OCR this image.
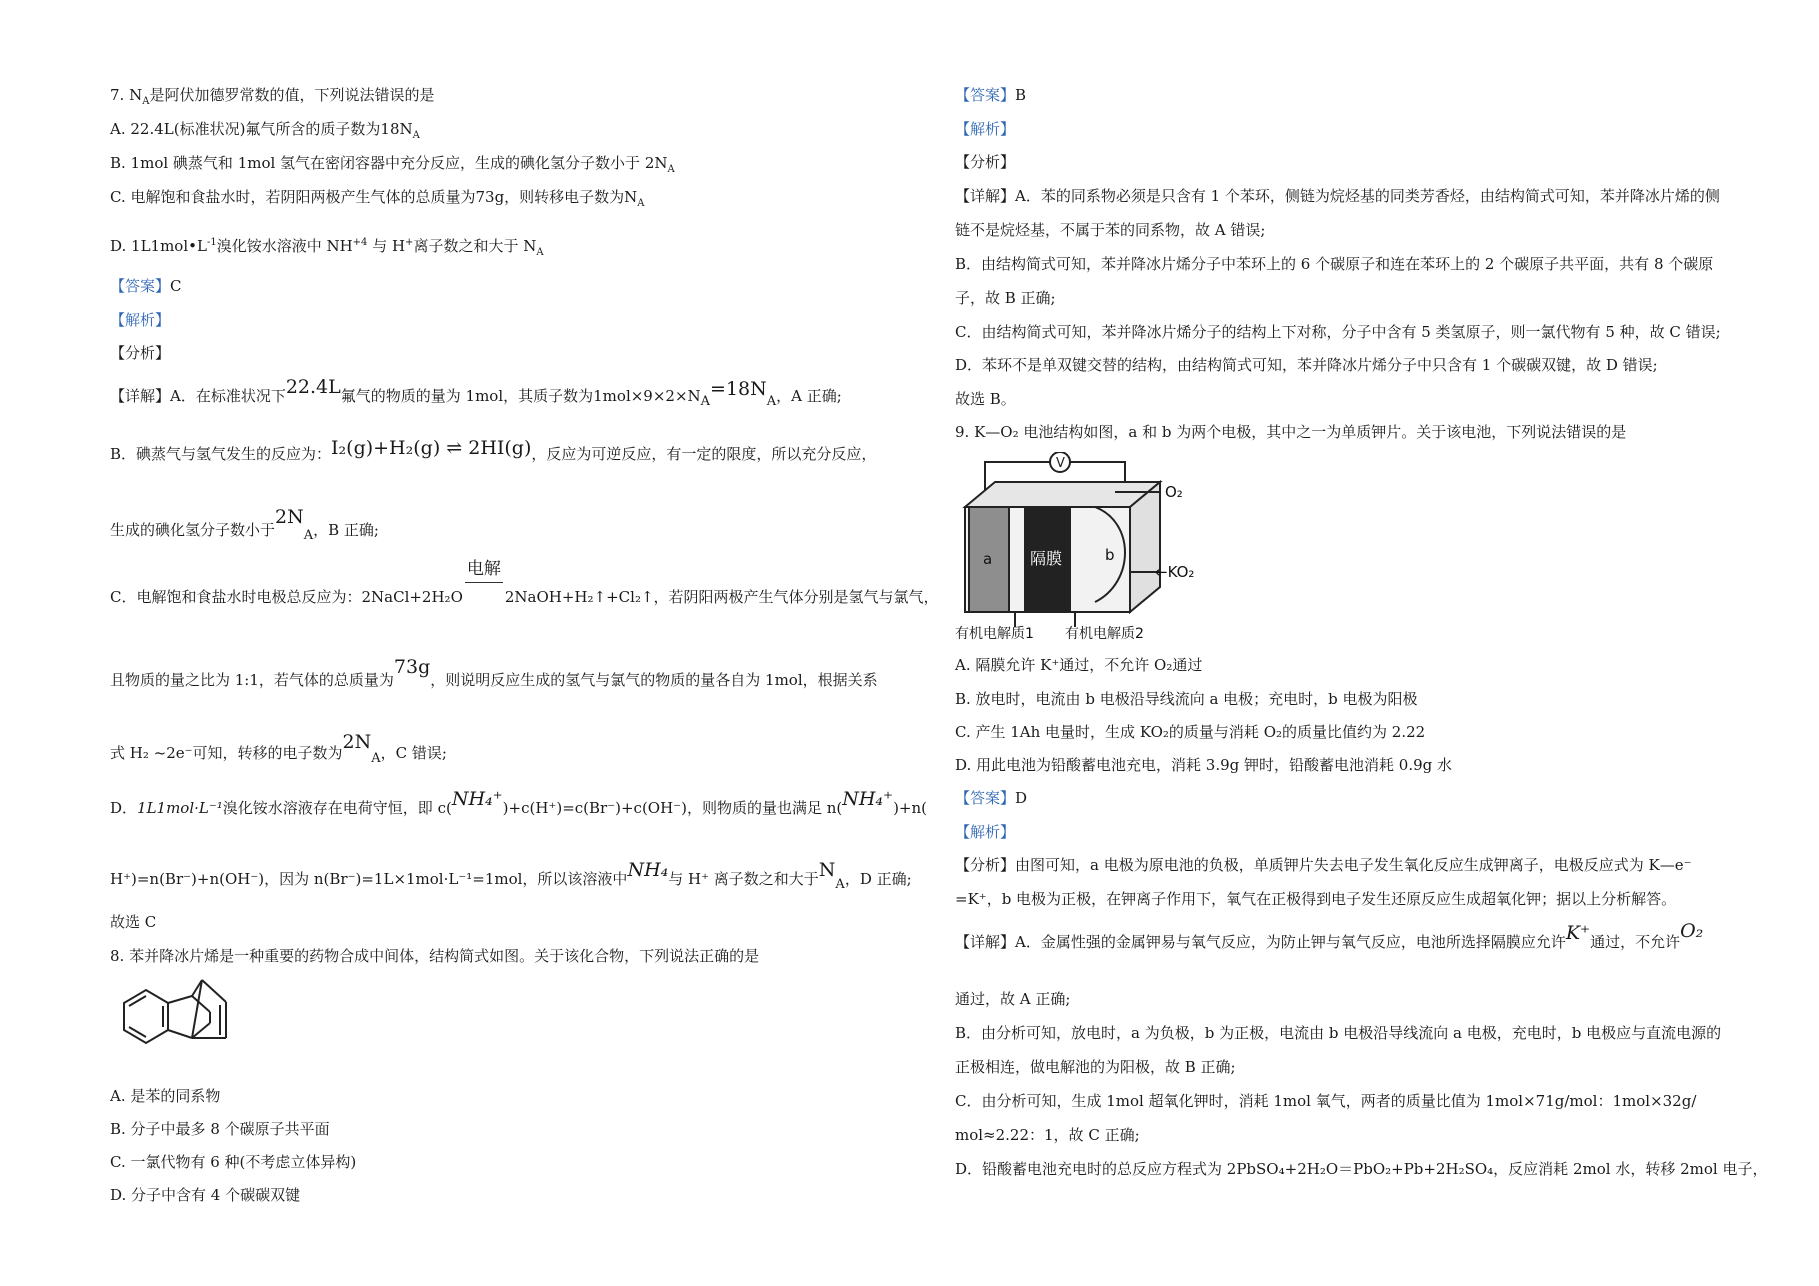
7. $N_A$是阿伏加德罗常数的值，下列说法错误的是
A. 22.4L(标准状况)氟气所含的质子数为$18N_A$
B. 1mol 碘蒸气和 1mol 氢气在密闭容器中充分反应，生成的碘化氢分子数小于 $2N_A$
C. 电解饱和食盐水时，若阴阳两极产生气体的总质量为73g，则转移电子数为$N_A$
D. $1L1mol•L^{-1}$溴化铵水溶液中 $NH^{+4}$ 与 H+离子数之和大于 $N_A$
【答案】C
【解析】
【分析】
【详解】A．在标准状况下22.4L氟气的物质的量为 1mol，其质子数为$1mol\times 9\times 2\times N_A=18N_A$，A 正确;
B．碘蒸气与氢气发生的反应为：I₂(g)+H₂(g) ⇌ 2HI(g)，反应为可逆反应，有一定的限度，所以充分反应，
生成的碘化氢分子数小于$2N_A$，B 正确;
C．电解饱和食盐水时电极总反应为：2NaCl+2H₂O
电解
2NaOH+H₂↑+Cl₂↑，若阴阳两极产生气体分别是氢气与氯气，
且物质的量之比为 1:1，若气体的总质量为73g，则说明反应生成的氢气与氯气的物质的量各自为 1mol，根据关系
式 H₂ ~2e⁻可知，转移的电子数为$2N_A$，C 错误;
D．1L1mol·L⁻¹溴化铵水溶液存在电荷守恒，即 c(NH₄⁺)+c(H⁺)=c(Br⁻)+c(OH⁻)，则物质的量也满足 n(NH₄⁺)+n(
H⁺)=n(Br⁻)+n(OH⁻)，因为 n(Br⁻)=1L×1mol·L⁻¹=1mol，所以该溶液中NH₄与 H⁺ 离子数之和大于$N_A$，D 正确;
故选 C
8. 苯并降冰片烯是一种重要的药物合成中间体，结构简式如图。关于该化合物，下列说法正确的是
A. 是苯的同系物
B. 分子中最多 8 个碳原子共平面
C. 一氯代物有 6 种(不考虑立体异构)
D. 分子中含有 4 个碳碳双键
【答案】B
【解析】
【分析】
【详解】A．苯的同系物必须是只含有 1 个苯环，侧链为烷烃基的同类芳香烃，由结构简式可知，苯并降冰片烯的侧
链不是烷烃基，不属于苯的同系物，故 A 错误;
B．由结构简式可知，苯并降冰片烯分子中苯环上的 6 个碳原子和连在苯环上的 2 个碳原子共平面，共有 8 个碳原
子，故 B 正确;
C．由结构简式可知，苯并降冰片烯分子的结构上下对称，分子中含有 5 类氢原子，则一氯代物有 5 种，故 C 错误;
D．苯环不是单双键交替的结构，由结构简式可知，苯并降冰片烯分子中只含有 1 个碳碳双键，故 D 错误;
故选 B。
9. K—O₂ 电池结构如图，a 和 b 为两个电极，其中之一为单质钾片。关于该电池，下列说法错误的是
V
a 隔膜	b
O₂
←KO₂
有机电解质1 有机电解质2
A. 隔膜允许 K⁺通过，不允许 O₂通过
B. 放电时，电流由 b 电极沿导线流向 a 电极；充电时，b 电极为阳极
C. 产生 1Ah 电量时，生成 KO₂的质量与消耗 O₂的质量比值约为 2.22
D. 用此电池为铅酸蓄电池充电，消耗 3.9g 钾时，铅酸蓄电池消耗 0.9g 水
【答案】D
【解析】
【分析】由图可知，a 电极为原电池的负极，单质钾片失去电子发生氧化反应生成钾离子，电极反应式为 K—e⁻
=K⁺，b 电极为正极，在钾离子作用下，氧气在正极得到电子发生还原反应生成超氧化钾；据以上分析解答。
【详解】A．金属性强的金属钾易与氧气反应，为防止钾与氧气反应，电池所选择隔膜应允许K⁺通过，不允许O₂
通过，故 A 正确;
B．由分析可知，放电时，a 为负极，b 为正极，电流由 b 电极沿导线流向 a 电极，充电时，b 电极应与直流电源的
正极相连，做电解池的为阳极，故 B 正确;
C．由分析可知，生成 1mol 超氧化钾时，消耗 1mol 氧气，两者的质量比值为 1mol×71g/mol：1mol×32g/
mol≈2.22：1，故 C 正确;
D．铅酸蓄电池充电时的总反应方程式为 2PbSO₄+2H₂O＝PbO₂+Pb+2H₂SO₄，反应消耗 2mol 水，转移 2mol 电子，
